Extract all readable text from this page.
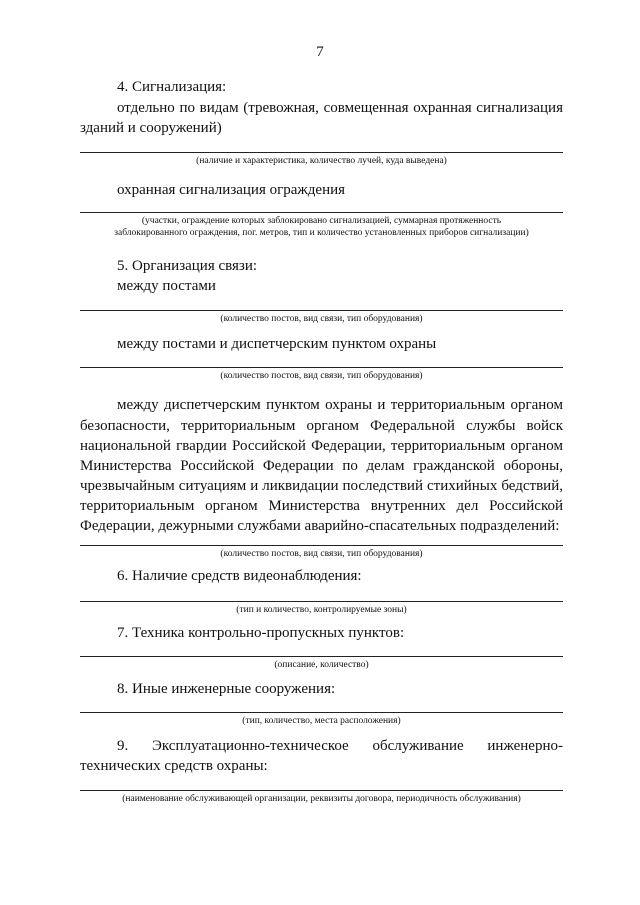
7
4. Сигнализация:
отдельно по видам (тревожная, совмещенная охранная сигнализация
зданий и сооружений)
(наличие и характеристика, количество лучей, куда выведена)
охранная сигнализация ограждения
(участки, ограждение которых заблокировано сигнализацией, суммарная протяженность
заблокированного ограждения, пог. метров, тип и количество установленных приборов сигнализации)
5. Организация связи:
между постами
(количество постов, вид связи, тип оборудования)
между постами и диспетчерским пунктом охраны
(количество постов, вид связи, тип оборудования)
между диспетчерским пунктом охраны и территориальным органом
безопасности, территориальным органом Федеральной службы войск
национальной гвардии Российской Федерации, территориальным органом
Министерства Российской Федерации по делам гражданской обороны,
чрезвычайным ситуациям и ликвидации последствий стихийных бедствий,
территориальным органом Министерства внутренних дел Российской
Федерации, дежурными службами аварийно-спасательных подразделений:
(количество постов, вид связи, тип оборудования)
6. Наличие средств видеонаблюдения:
(тип и количество, контролируемые зоны)
7. Техника контрольно-пропускных пунктов:
(описание, количество)
8. Иные инженерные сооружения:
(тип, количество, места расположения)
9. Эксплуатационно-техническое обслуживание инженерно-
технических средств охраны:
(наименование обслуживающей организации, реквизиты договора, периодичность обслуживания)
